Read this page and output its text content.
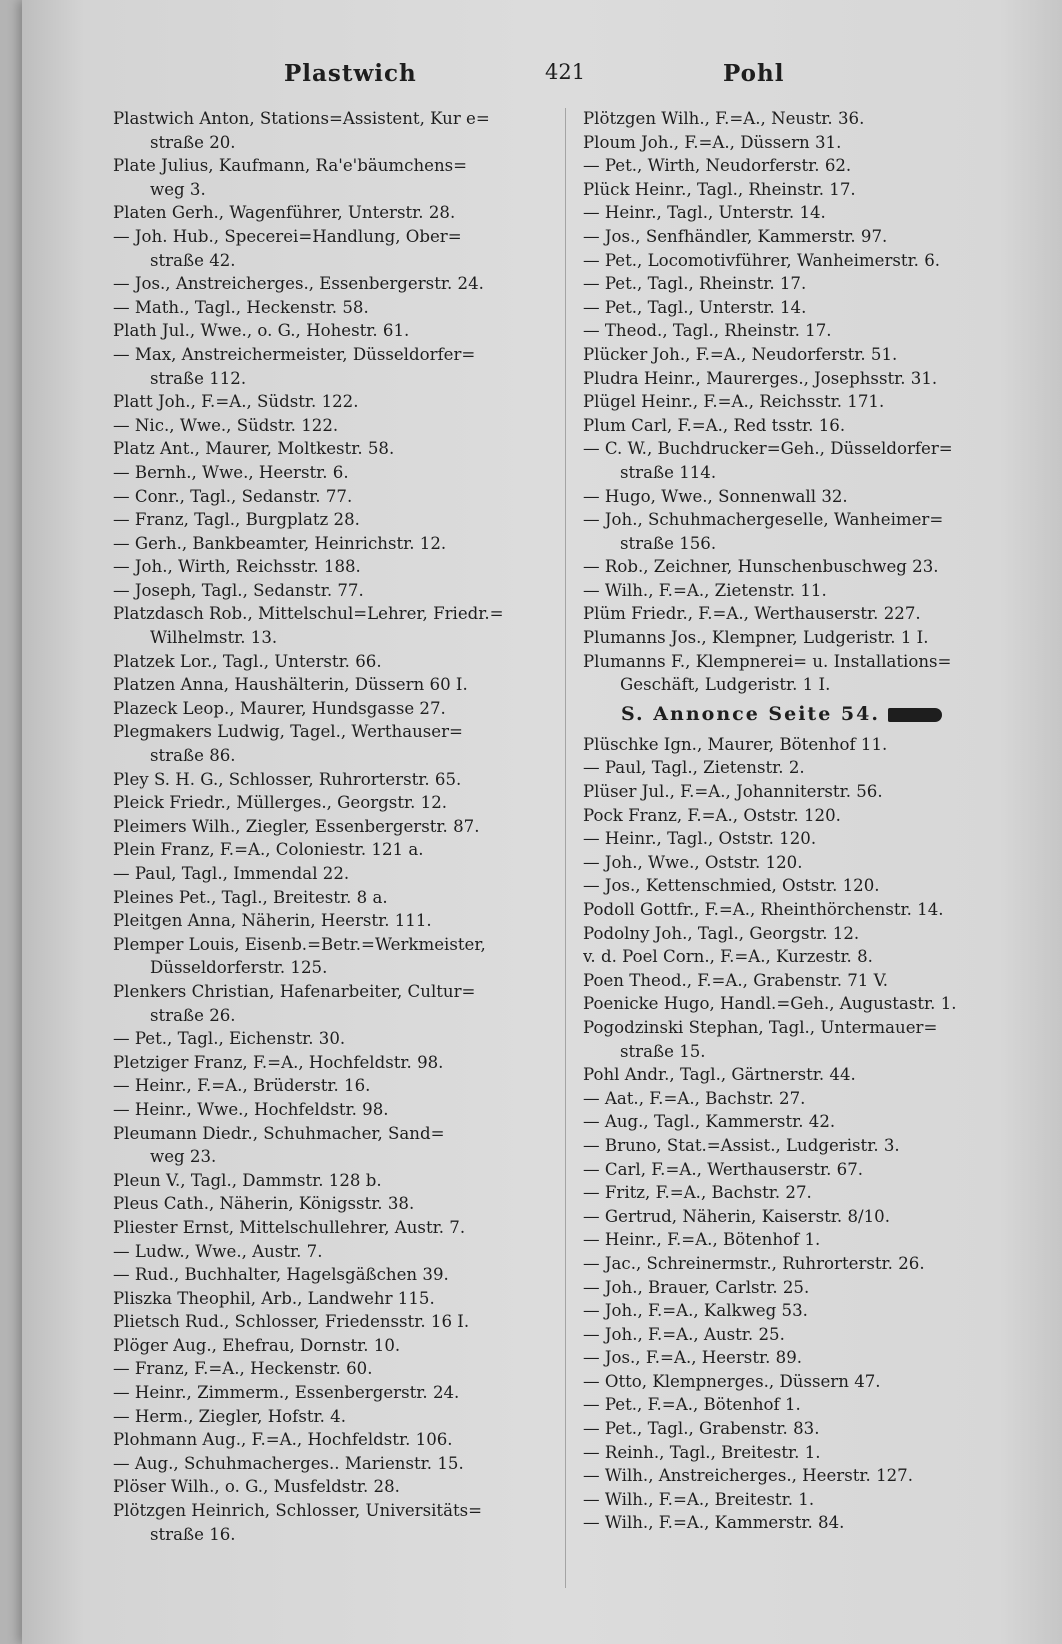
Plastwich	421	Pohl
Plastwich Anton, Stations=Assistent, Kur e=
straße 20.
Plate Julius, Kaufmann, Ra'e'bäumchens=
weg 3.
Platen Gerh., Wagenführer, Unterstr. 28.
— Joh. Hub., Specerei=Handlung, Ober=
straße 42.
— Jos., Anstreicherges., Essenbergerstr. 24.
— Math., Tagl., Heckenstr. 58.
Plath Jul., Wwe., o. G., Hohestr. 61.
— Max, Anstreichermeister, Düsseldorfer=
straße 112.
Platt Joh., F.=A., Südstr. 122.
— Nic., Wwe., Südstr. 122.
Platz Ant., Maurer, Moltkestr. 58.
— Bernh., Wwe., Heerstr. 6.
— Conr., Tagl., Sedanstr. 77.
— Franz, Tagl., Burgplatz 28.
— Gerh., Bankbeamter, Heinrichstr. 12.
— Joh., Wirth, Reichsstr. 188.
— Joseph, Tagl., Sedanstr. 77.
Platzdasch Rob., Mittelschul=Lehrer, Friedr.=
Wilhelmstr. 13.
Platzek Lor., Tagl., Unterstr. 66.
Platzen Anna, Haushälterin, Düssern 60 I.
Plazeck Leop., Maurer, Hundsgasse 27.
Plegmakers Ludwig, Tagel., Werthauser=
straße 86.
Pley S. H. G., Schlosser, Ruhrorterstr. 65.
Pleick Friedr., Müllerges., Georgstr. 12.
Pleimers Wilh., Ziegler, Essenbergerstr. 87.
Plein Franz, F.=A., Coloniestr. 121 a.
— Paul, Tagl., Immendal 22.
Pleines Pet., Tagl., Breitestr. 8 a.
Pleitgen Anna, Näherin, Heerstr. 111.
Plemper Louis, Eisenb.=Betr.=Werkmeister,
Düsseldorferstr. 125.
Plenkers Christian, Hafenarbeiter, Cultur=
straße 26.
— Pet., Tagl., Eichenstr. 30.
Pletziger Franz, F.=A., Hochfeldstr. 98.
— Heinr., F.=A., Brüderstr. 16.
— Heinr., Wwe., Hochfeldstr. 98.
Pleumann Diedr., Schuhmacher, Sand=
weg 23.
Pleun V., Tagl., Dammstr. 128 b.
Pleus Cath., Näherin, Königsstr. 38.
Pliester Ernst, Mittelschullehrer, Austr. 7.
— Ludw., Wwe., Austr. 7.
— Rud., Buchhalter, Hagelsgäßchen 39.
Pliszka Theophil, Arb., Landwehr 115.
Plietsch Rud., Schlosser, Friedensstr. 16 I.
Plöger Aug., Ehefrau, Dornstr. 10.
— Franz, F.=A., Heckenstr. 60.
— Heinr., Zimmerm., Essenbergerstr. 24.
— Herm., Ziegler, Hofstr. 4.
Plohmann Aug., F.=A., Hochfeldstr. 106.
— Aug., Schuhmacherges.. Marienstr. 15.
Plöser Wilh., o. G., Musfeldstr. 28.
Plötzgen Heinrich, Schlosser, Universitäts=
straße 16.
Plötzgen Wilh., F.=A., Neustr. 36.
Ploum Joh., F.=A., Düssern 31.
— Pet., Wirth, Neudorferstr. 62.
Plück Heinr., Tagl., Rheinstr. 17.
— Heinr., Tagl., Unterstr. 14.
— Jos., Senfhändler, Kammerstr. 97.
— Pet., Locomotivführer, Wanheimerstr. 6.
— Pet., Tagl., Rheinstr. 17.
— Pet., Tagl., Unterstr. 14.
— Theod., Tagl., Rheinstr. 17.
Plücker Joh., F.=A., Neudorferstr. 51.
Pludra Heinr., Maurerges., Josephsstr. 31.
Plügel Heinr., F.=A., Reichsstr. 171.
Plum Carl, F.=A., Red tsstr. 16.
— C. W., Buchdrucker=Geh., Düsseldorfer=
straße 114.
— Hugo, Wwe., Sonnenwall 32.
— Joh., Schuhmachergeselle, Wanheimer=
straße 156.
— Rob., Zeichner, Hunschenbuschweg 23.
— Wilh., F.=A., Zietenstr. 11.
Plüm Friedr., F.=A., Werthauserstr. 227.
Plumanns Jos., Klempner, Ludgeristr. 1 I.
Plumanns F., Klempnerei= u. Installations=
Geschäft, Ludgeristr. 1 I.
S. Annonce Seite 54.
Plüschke Ign., Maurer, Bötenhof 11.
— Paul, Tagl., Zietenstr. 2.
Plüser Jul., F.=A., Johanniterstr. 56.
Pock Franz, F.=A., Oststr. 120.
— Heinr., Tagl., Oststr. 120.
— Joh., Wwe., Oststr. 120.
— Jos., Kettenschmied, Oststr. 120.
Podoll Gottfr., F.=A., Rheinthörchenstr. 14.
Podolny Joh., Tagl., Georgstr. 12.
v. d. Poel Corn., F.=A., Kurzestr. 8.
Poen Theod., F.=A., Grabenstr. 71 V.
Poenicke Hugo, Handl.=Geh., Augustastr. 1.
Pogodzinski Stephan, Tagl., Untermauer=
straße 15.
Pohl Andr., Tagl., Gärtnerstr. 44.
— Aat., F.=A., Bachstr. 27.
— Aug., Tagl., Kammerstr. 42.
— Bruno, Stat.=Assist., Ludgeristr. 3.
— Carl, F.=A., Werthauserstr. 67.
— Fritz, F.=A., Bachstr. 27.
— Gertrud, Näherin, Kaiserstr. 8/10.
— Heinr., F.=A., Bötenhof 1.
— Jac., Schreinermstr., Ruhrorterstr. 26.
— Joh., Brauer, Carlstr. 25.
— Joh., F.=A., Kalkweg 53.
— Joh., F.=A., Austr. 25.
— Jos., F.=A., Heerstr. 89.
— Otto, Klempnerges., Düssern 47.
— Pet., F.=A., Bötenhof 1.
— Pet., Tagl., Grabenstr. 83.
— Reinh., Tagl., Breitestr. 1.
— Wilh., Anstreicherges., Heerstr. 127.
— Wilh., F.=A., Breitestr. 1.
— Wilh., F.=A., Kammerstr. 84.
